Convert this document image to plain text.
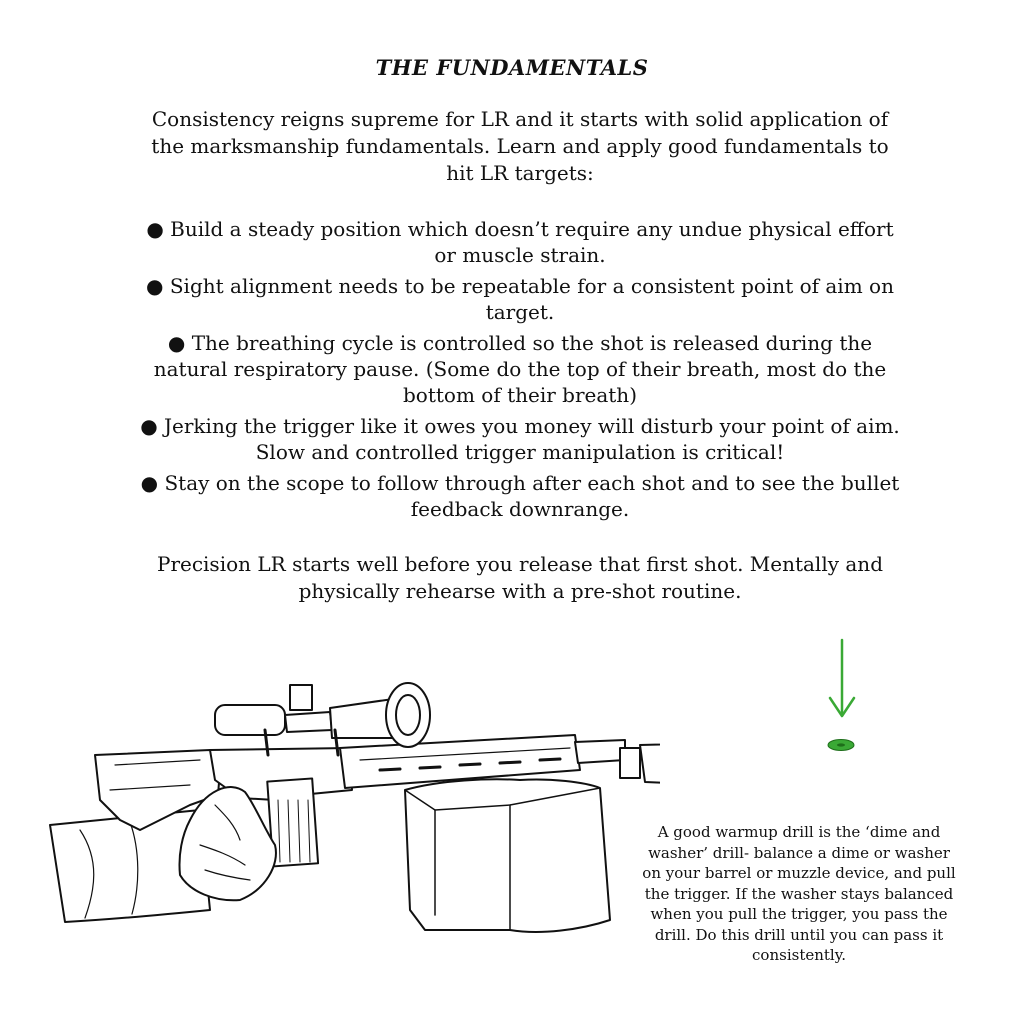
THE FUNDAMENTALS

Consistency reigns supreme for LR and it starts with solid application of the marksmanship fundamentals. Learn and apply good fundamentals to hit LR targets:

● Build a steady position which doesn’t require any undue physical effort or muscle strain.
● Sight alignment needs to be repeatable for a consistent point of aim on target.
● The breathing cycle is controlled so the shot is released during the natural respiratory pause. (Some do the top of their breath, most do the bottom of their breath)
● Jerking the trigger like it owes you money will disturb your point of aim. Slow and controlled trigger manipulation is critical!
● Stay on the scope to follow through after each shot and to see the bullet feedback downrange.

Precision LR starts well before you release that first shot. Mentally and physically rehearse with a pre-shot routine.

A good warmup drill is the ‘dime and washer’ drill- balance a dime or washer on your barrel or muzzle device, and pull the trigger. If the washer stays balanced when you pull the trigger, you pass the drill. Do this drill until you can pass it consistently.
